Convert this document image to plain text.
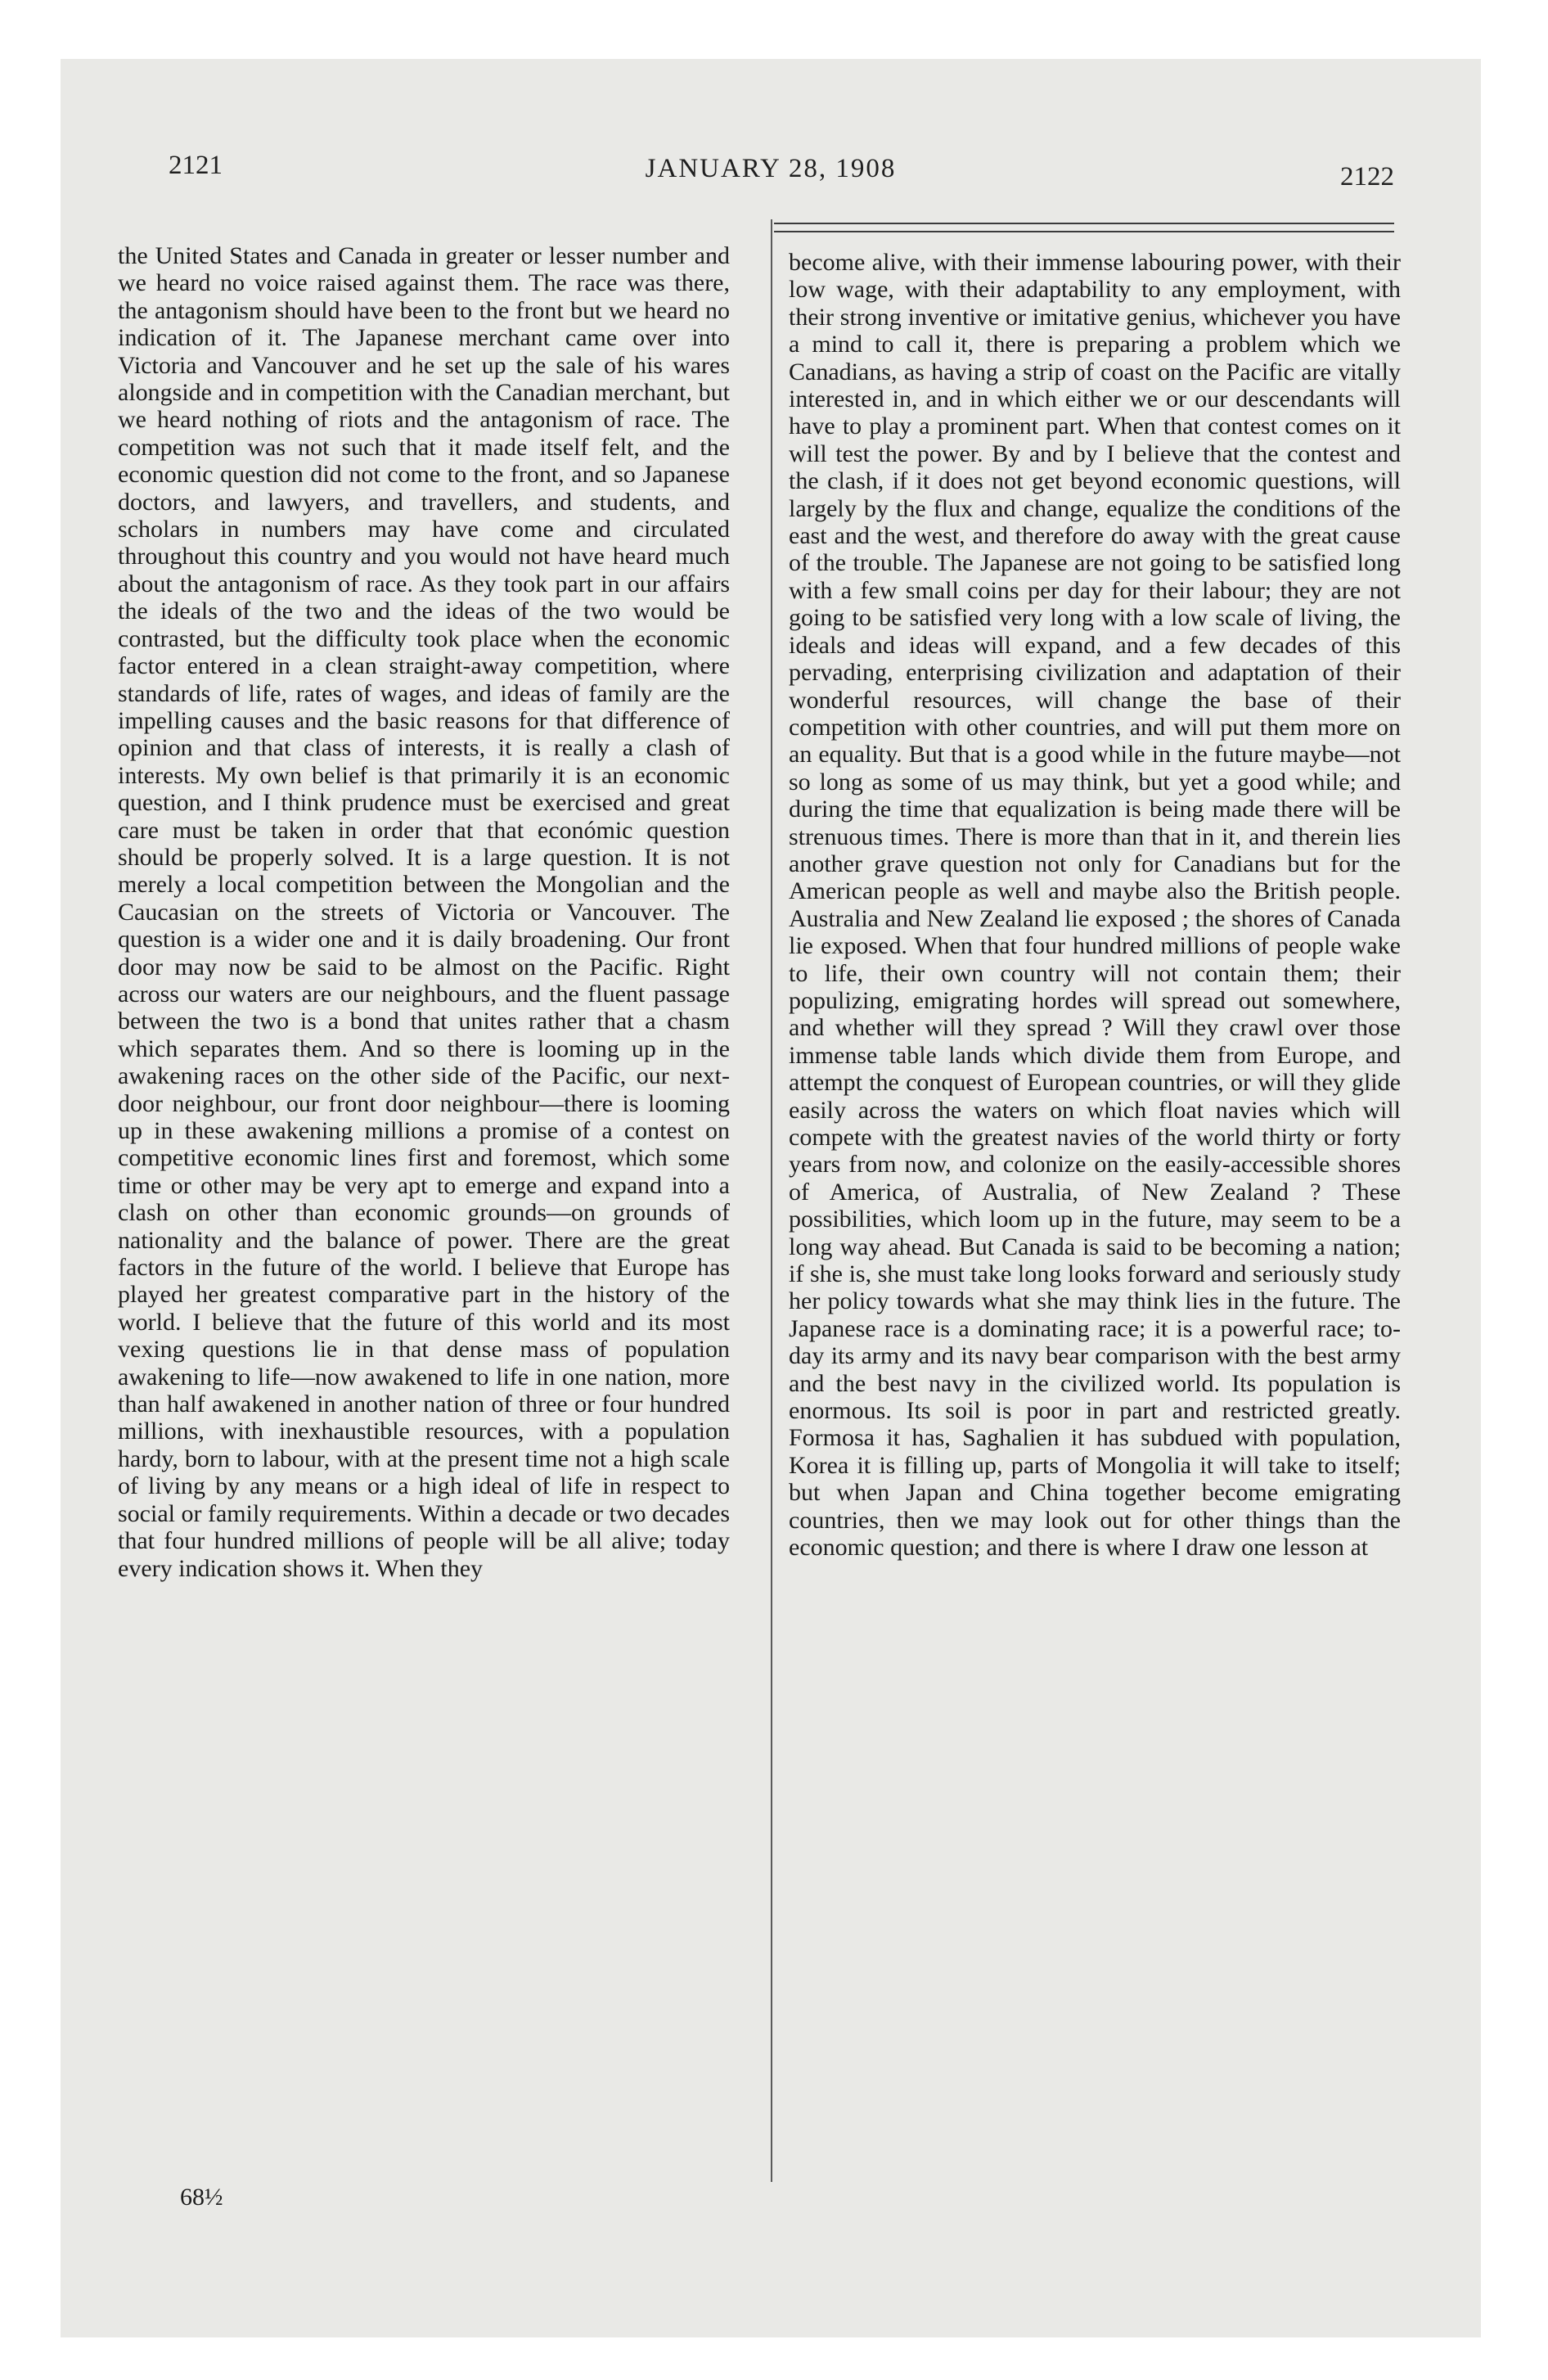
2121	JANUARY 28, 1908	2122

the United States and Canada in greater or lesser number and we heard no voice raised against them. The race was there, the antagonism should have been to the front but we heard no indication of it. The Japanese merchant came over into Victoria and Vancouver and he set up the sale of his wares alongside and in competition with the Canadian merchant, but we heard nothing of riots and the antagonism of race. The competition was not such that it made itself felt, and the economic question did not come to the front, and so Japanese doctors, and lawyers, and travellers, and students, and scholars in numbers may have come and circulated throughout this country and you would not have heard much about the antagonism of race. As they took part in our affairs the ideals of the two and the ideas of the two would be contrasted, but the difficulty took place when the economic factor entered in a clean straight-away competition, where standards of life, rates of wages, and ideas of family are the impelling causes and the basic reasons for that difference of opinion and that class of interests, it is really a clash of interests. My own belief is that primarily it is an economic question, and I think prudence must be exercised and great care must be taken in order that that económic question should be properly solved. It is a large question. It is not merely a local competition between the Mongolian and the Caucasian on the streets of Victoria or Vancouver. The question is a wider one and it is daily broadening. Our front door may now be said to be almost on the Pacific. Right across our waters are our neighbours, and the fluent passage between the two is a bond that unites rather that a chasm which separates them. And so there is looming up in the awakening races on the other side of the Pacific, our next-door neighbour, our front door neighbour—there is looming up in these awakening millions a promise of a contest on competitive economic lines first and foremost, which some time or other may be very apt to emerge and expand into a clash on other than economic grounds—on grounds of nationality and the balance of power. There are the great factors in the future of the world. I believe that Europe has played her greatest comparative part in the history of the world. I believe that the future of this world and its most vexing questions lie in that dense mass of population awakening to life—now awakened to life in one nation, more than half awakened in another nation of three or four hundred millions, with inexhaustible resources, with a population hardy, born to labour, with at the present time not a high scale of living by any means or a high ideal of life in respect to social or family requirements. Within a decade or two decades that four hundred millions of people will be all alive; today every indication shows it. When they

become alive, with their immense labouring power, with their low wage, with their adaptability to any employment, with their strong inventive or imitative genius, whichever you have a mind to call it, there is preparing a problem which we Canadians, as having a strip of coast on the Pacific are vitally interested in, and in which either we or our descendants will have to play a prominent part. When that contest comes on it will test the power. By and by I believe that the contest and the clash, if it does not get beyond economic questions, will largely by the flux and change, equalize the conditions of the east and the west, and therefore do away with the great cause of the trouble. The Japanese are not going to be satisfied long with a few small coins per day for their labour; they are not going to be satisfied very long with a low scale of living, the ideals and ideas will expand, and a few decades of this pervading, enterprising civilization and adaptation of their wonderful resources, will change the base of their competition with other countries, and will put them more on an equality. But that is a good while in the future maybe—not so long as some of us may think, but yet a good while; and during the time that equalization is being made there will be strenuous times. There is more than that in it, and therein lies another grave question not only for Canadians but for the American people as well and maybe also the British people. Australia and New Zealand lie exposed ; the shores of Canada lie exposed. When that four hundred millions of people wake to life, their own country will not contain them; their populizing, emigrating hordes will spread out somewhere, and whether will they spread ? Will they crawl over those immense table lands which divide them from Europe, and attempt the conquest of European countries, or will they glide easily across the waters on which float navies which will compete with the greatest navies of the world thirty or forty years from now, and colonize on the easily-accessible shores of America, of Australia, of New Zealand ? These possibilities, which loom up in the future, may seem to be a long way ahead. But Canada is said to be becoming a nation; if she is, she must take long looks forward and seriously study her policy towards what she may think lies in the future. The Japanese race is a dominating race; it is a powerful race; to-day its army and its navy bear comparison with the best army and the best navy in the civilized world. Its population is enormous. Its soil is poor in part and restricted greatly. Formosa it has, Saghalien it has subdued with population, Korea it is filling up, parts of Mongolia it will take to itself; but when Japan and China together become emigrating countries, then we may look out for other things than the economic question; and there is where I draw one lesson at

68½
